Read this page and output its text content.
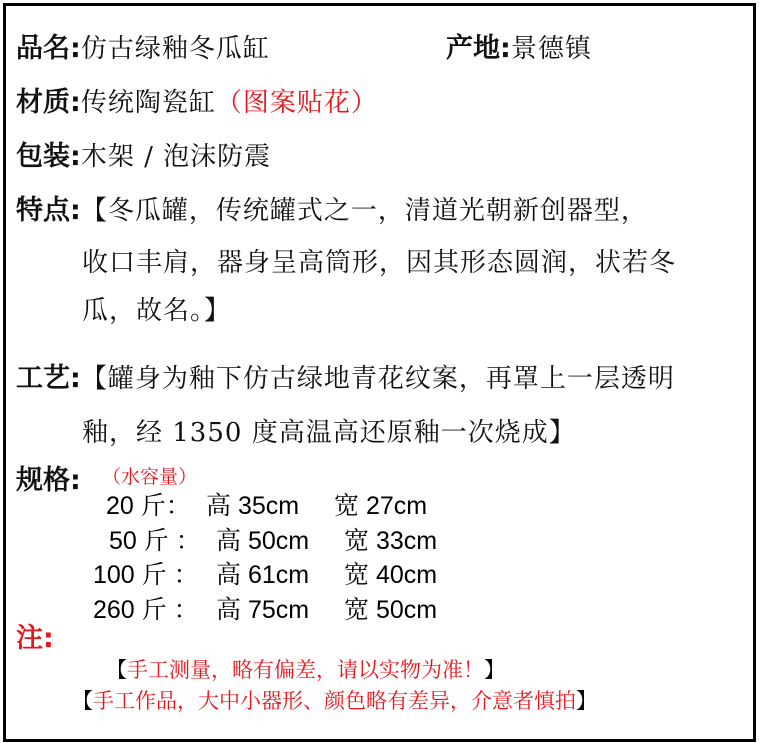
品名:仿古绿釉冬瓜缸	产地:景德镇
材质:传统陶瓷缸（图案贴花）
包装:木架 / 泡沫防震
特点:【冬瓜罐，传统罐式之一，清道光朝新创器型，
收口丰肩，器身呈高筒形，因其形态圆润，状若冬
瓜，故名。】
工艺:【罐身为釉下仿古绿地青花纹案，再罩上一层透明
釉，经 1350 度高温高还原釉一次烧成】
规格: （水容量）
20 斤： 高 35cm 宽 27cm
50 斤 ： 高 50cm 宽 33cm
100 斤 ： 高 61cm 宽 40cm
260 斤 ： 高 75cm 宽 50cm
注:
【手工测量，略有偏差，请以实物为准！】
【手工作品，大中小器形、颜色略有差异，介意者慎拍】
